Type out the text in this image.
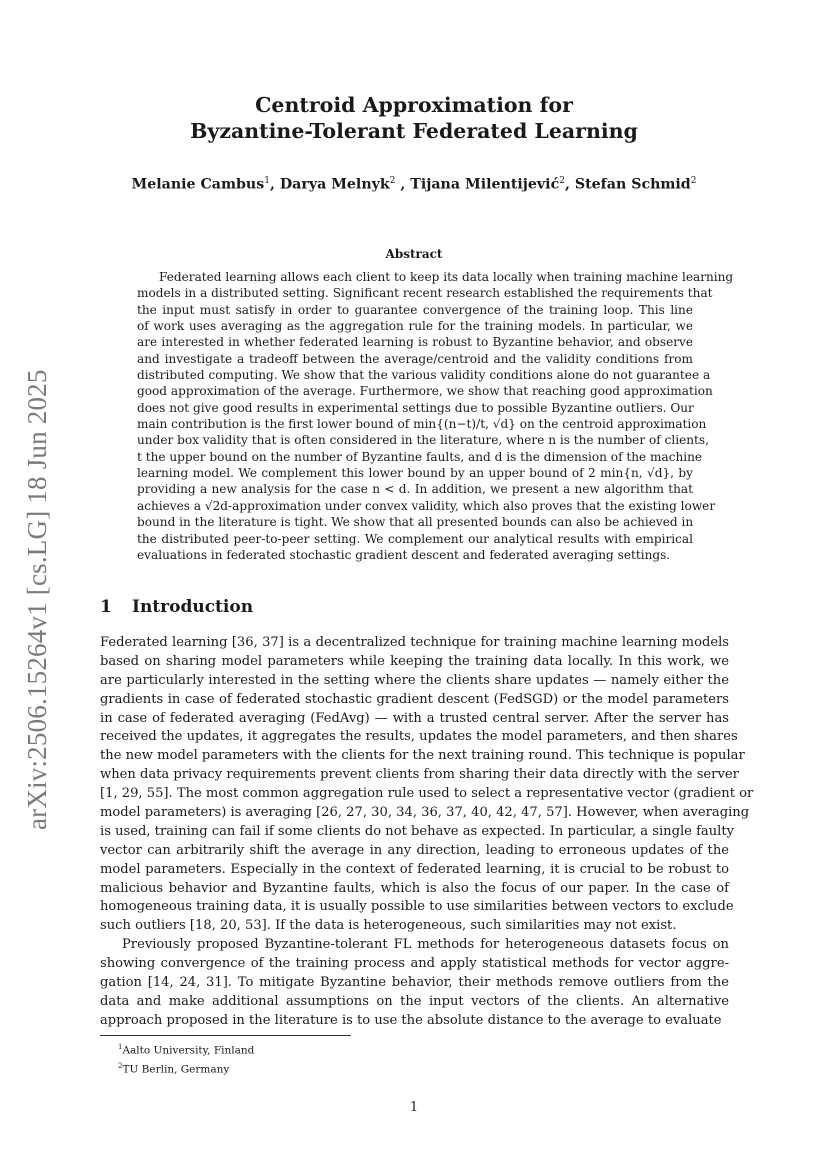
arXiv:2506.15264v1 [cs.LG] 18 Jun 2025
Centroid Approximation for
Byzantine-Tolerant Federated Learning
Melanie Cambus$^1$, Darya Melnyk$^2$ , Tijana Milentijević$^2$, Stefan Schmid$^2$
Abstract
Federated learning allows each client to keep its data locally when training machine learning
models in a distributed setting. Significant recent research established the requirements that
the input must satisfy in order to guarantee convergence of the training loop. This line
of work uses averaging as the aggregation rule for the training models. In particular, we
are interested in whether federated learning is robust to Byzantine behavior, and observe
and investigate a tradeoff between the average/centroid and the validity conditions from
distributed computing. We show that the various validity conditions alone do not guarantee a
good approximation of the average. Furthermore, we show that reaching good approximation
does not give good results in experimental settings due to possible Byzantine outliers. Our
main contribution is the first lower bound of min{(n−t)/t, √d} on the centroid approximation
under box validity that is often considered in the literature, where n is the number of clients,
t the upper bound on the number of Byzantine faults, and d is the dimension of the machine
learning model. We complement this lower bound by an upper bound of 2 min{n, √d}, by
providing a new analysis for the case n < d. In addition, we present a new algorithm that
achieves a √2d-approximation under convex validity, which also proves that the existing lower
bound in the literature is tight. We show that all presented bounds can also be achieved in
the distributed peer-to-peer setting. We complement our analytical results with empirical
evaluations in federated stochastic gradient descent and federated averaging settings.
1 Introduction
Federated learning [36, 37] is a decentralized technique for training machine learning models
based on sharing model parameters while keeping the training data locally. In this work, we
are particularly interested in the setting where the clients share updates — namely either the
gradients in case of federated stochastic gradient descent (FedSGD) or the model parameters
in case of federated averaging (FedAvg) — with a trusted central server. After the server has
received the updates, it aggregates the results, updates the model parameters, and then shares
the new model parameters with the clients for the next training round. This technique is popular
when data privacy requirements prevent clients from sharing their data directly with the server
[1, 29, 55]. The most common aggregation rule used to select a representative vector (gradient or
model parameters) is averaging [26, 27, 30, 34, 36, 37, 40, 42, 47, 57]. However, when averaging
is used, training can fail if some clients do not behave as expected. In particular, a single faulty
vector can arbitrarily shift the average in any direction, leading to erroneous updates of the
model parameters. Especially in the context of federated learning, it is crucial to be robust to
malicious behavior and Byzantine faults, which is also the focus of our paper. In the case of
homogeneous training data, it is usually possible to use similarities between vectors to exclude
such outliers [18, 20, 53]. If the data is heterogeneous, such similarities may not exist.
Previously proposed Byzantine-tolerant FL methods for heterogeneous datasets focus on
showing convergence of the training process and apply statistical methods for vector aggre-
gation [14, 24, 31]. To mitigate Byzantine behavior, their methods remove outliers from the
data and make additional assumptions on the input vectors of the clients. An alternative
approach proposed in the literature is to use the absolute distance to the average to evaluate
$^1$Aalto University, Finland
$^2$TU Berlin, Germany
1
